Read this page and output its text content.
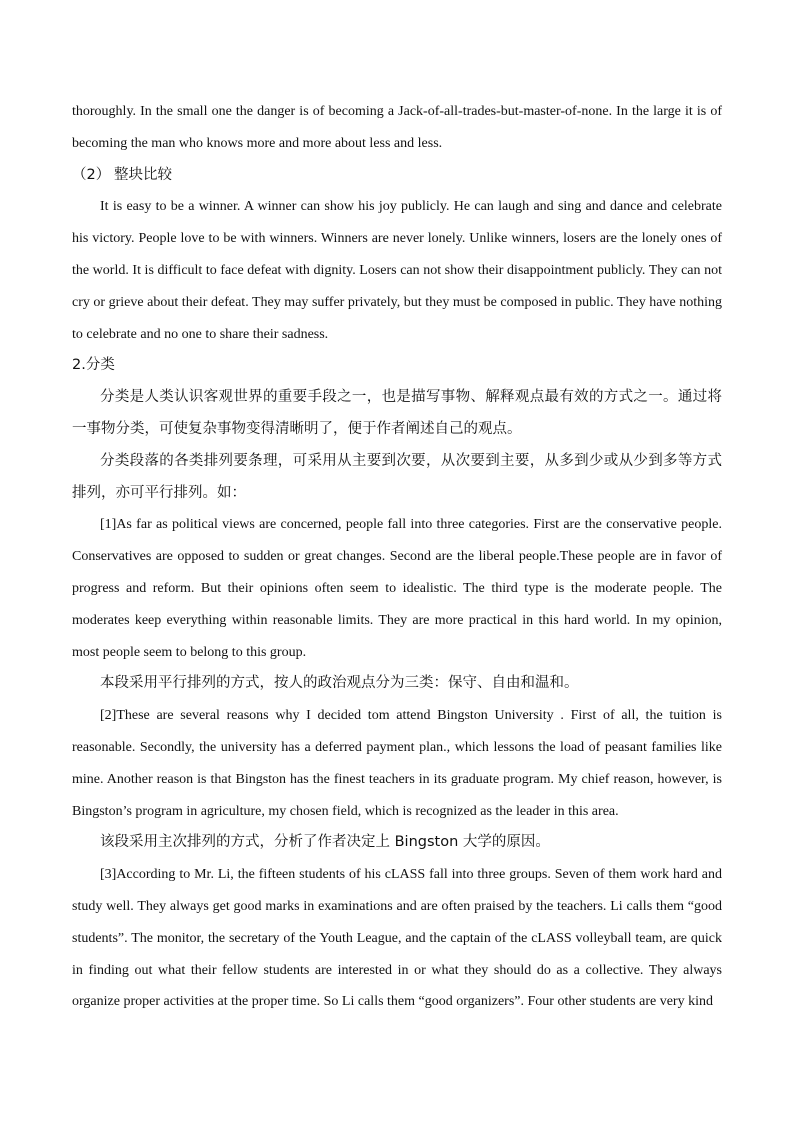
thoroughly. In the small one the danger is of becoming a Jack-of-all-trades-but-master-of-none. In the large it is of becoming the man who knows more and more about less and less.

（2） 整块比较

It is easy to be a winner. A winner can show his joy publicly. He can laugh and sing and dance and celebrate his victory. People love to be with winners. Winners are never lonely. Unlike winners, losers are the lonely ones of the world. It is difficult to face defeat with dignity. Losers can not show their disappointment publicly. They can not cry or grieve about their defeat. They may suffer privately, but they must be composed in public. They have nothing to celebrate and no one to share their sadness.

2.分类

分类是人类认识客观世界的重要手段之一，也是描写事物、解释观点最有效的方式之一。通过将一事物分类，可使复杂事物变得清晰明了，便于作者阐述自己的观点。

分类段落的各类排列要条理，可采用从主要到次要，从次要到主要，从多到少或从少到多等方式排列，亦可平行排列。如：

[1]As far as political views are concerned, people fall into three categories. First are the conservative people. Conservatives are opposed to sudden or great changes. Second are the liberal people.These people are in favor of progress and reform. But their opinions often seem to idealistic. The third type is the moderate people. The moderates keep everything within reasonable limits. They are more practical in this hard world. In my opinion, most people seem to belong to this group.

本段采用平行排列的方式，按人的政治观点分为三类：保守、自由和温和。

[2]These are several reasons why I decided tom attend Bingston University . First of all, the tuition is reasonable. Secondly, the university has a deferred payment plan., which lessons the load of peasant families like mine. Another reason is that Bingston has the finest teachers in its graduate program. My chief reason, however, is Bingston’s program in agriculture, my chosen field, which is recognized as the leader in this area.

该段采用主次排列的方式，分析了作者决定上 Bingston 大学的原因。

[3]According to Mr. Li, the fifteen students of his cLASS fall into three groups. Seven of them work hard and study well. They always get good marks in examinations and are often praised by the teachers. Li calls them “good students”. The monitor, the secretary of the Youth League, and the captain of the cLASS volleyball team, are quick in finding out what their fellow students are interested in or what they should do as a collective. They always organize proper activities at the proper time. So Li calls them “good organizers”. Four other students are very kind
